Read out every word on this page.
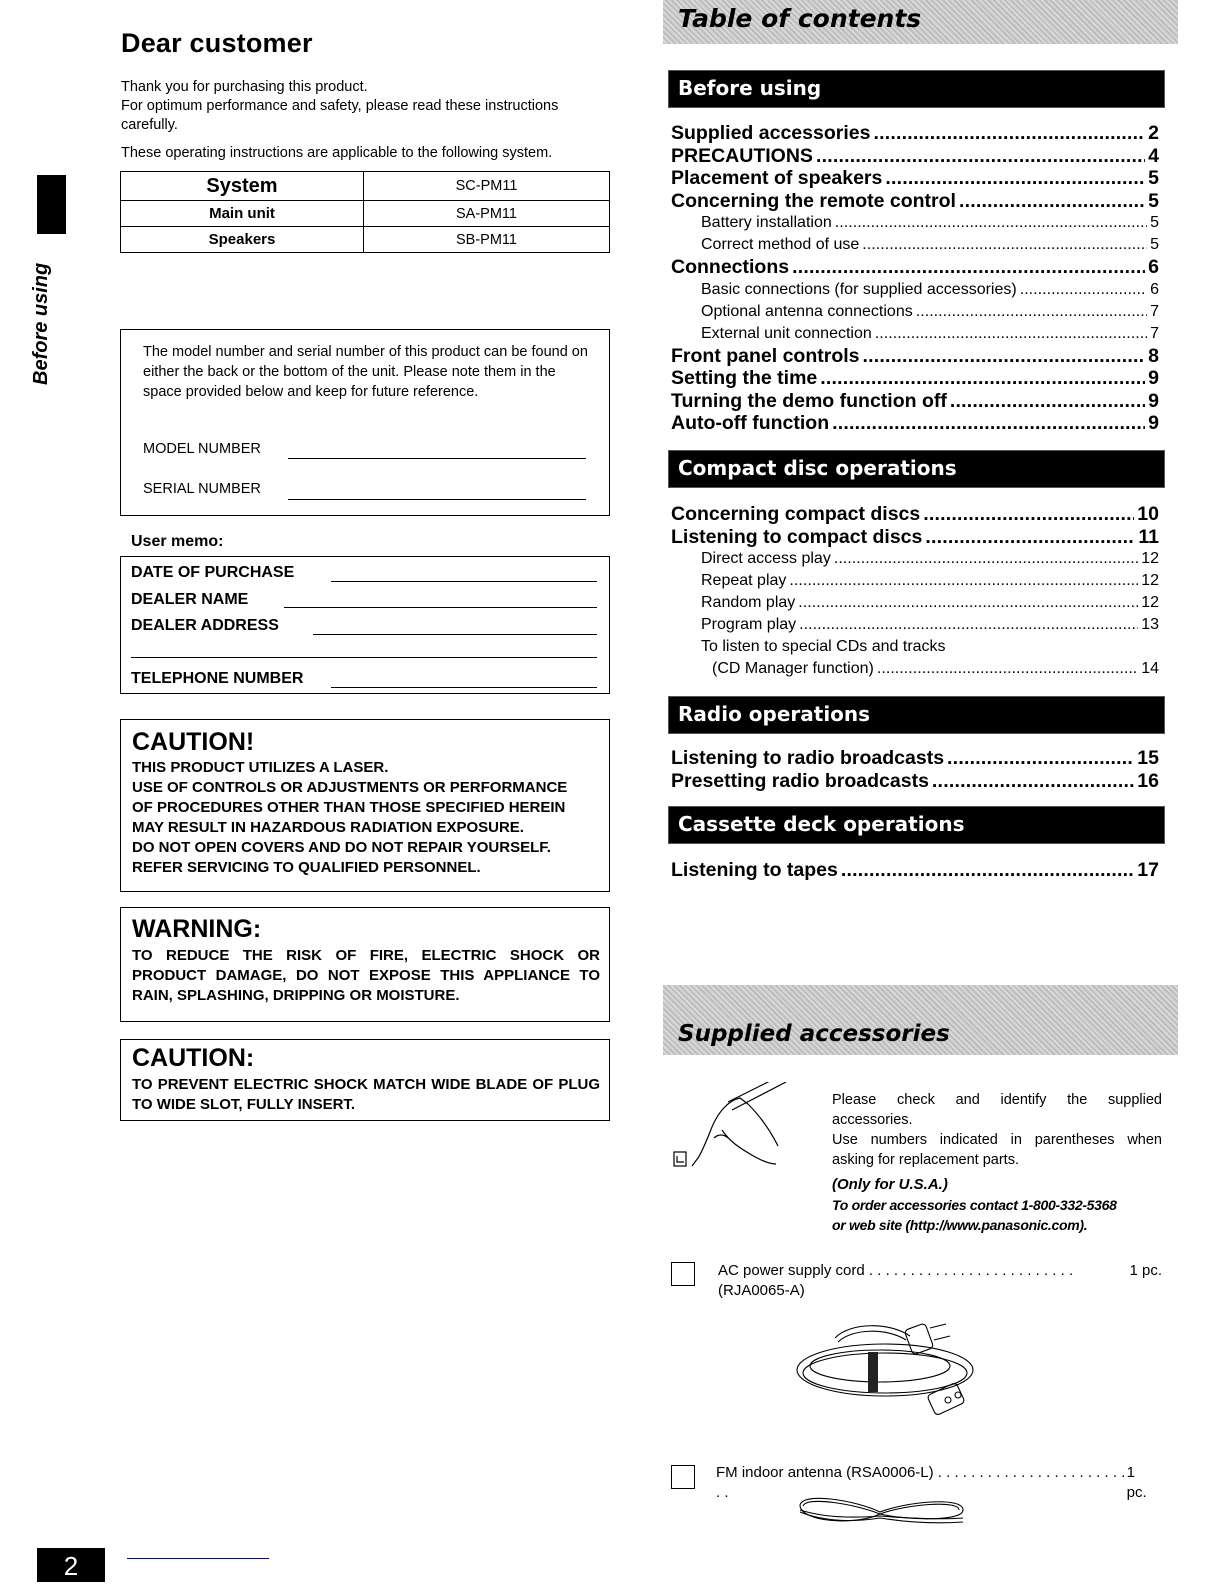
Before using
Dear customer

Thank you for purchasing this product.

For optimum performance and safety, please read these instructions carefully.

These operating instructions are applicable to the following system.

System	SC-PM11
Main unit	SA-PM11
Speakers	SB-PM11
The model number and serial number of this product can be found on either the back or the bottom of the unit. Please note them in the space provided below and keep for future reference.
MODEL NUMBER
SERIAL NUMBER
User memo:
DATE OF PURCHASE
DEALER NAME
DEALER ADDRESS
TELEPHONE NUMBER
CAUTION!
THIS PRODUCT UTILIZES A LASER.
USE OF CONTROLS OR ADJUSTMENTS OR PERFORMANCE
OF PROCEDURES OTHER THAN THOSE SPECIFIED HEREIN
MAY RESULT IN HAZARDOUS RADIATION EXPOSURE.
DO NOT OPEN COVERS AND DO NOT REPAIR YOURSELF.
REFER SERVICING TO QUALIFIED PERSONNEL.
WARNING:
TO REDUCE THE RISK OF FIRE, ELECTRIC SHOCK OR PRODUCT DAMAGE, DO NOT EXPOSE THIS APPLIANCE TO RAIN, SPLASHING, DRIPPING OR MOISTURE.
CAUTION:
TO PREVENT ELECTRIC SHOCK MATCH WIDE BLADE OF PLUG TO WIDE SLOT, FULLY INSERT.
2
Table of contents
Before using
Supplied accessories . . .	2
PRECAUTIONS . . .	4
Placement of speakers . . .	5
Concerning the remote control . . .	5
Battery installation . . .	5
Correct method of use . . .	5
Connections . . .	6
Basic connections (for supplied accessories) . . .	6
Optional antenna connections . . .	7
External unit connection . . .	7
Front panel controls . . .	8
Setting the time . . .	9
Turning the demo function off . . .	9
Auto-off function . . .	9
Compact disc operations
Concerning compact discs . . .	10
Listening to compact discs . . .	11
Direct access play . . .	12
Repeat play . . .	12
Random play . . .	12
Program play . . .	13
To listen to special CDs and tracks
(CD Manager function) . . .	14
Radio operations
Listening to radio broadcasts . . .	15
Presetting radio broadcasts . . .	16
Cassette deck operations
Listening to tapes . . .	17
Supplied accessories

Please check and identify the supplied accessories.

Use numbers indicated in parentheses when asking for replacement parts.

(Only for U.S.A.)
To order accessories contact 1-800-332-5368
or web site (http://www.panasonic.com).
AC power supply cord . . .	1 pc.
(RJA0065-A)
FM indoor antenna (RSA0006-L) . . .	1 pc.
